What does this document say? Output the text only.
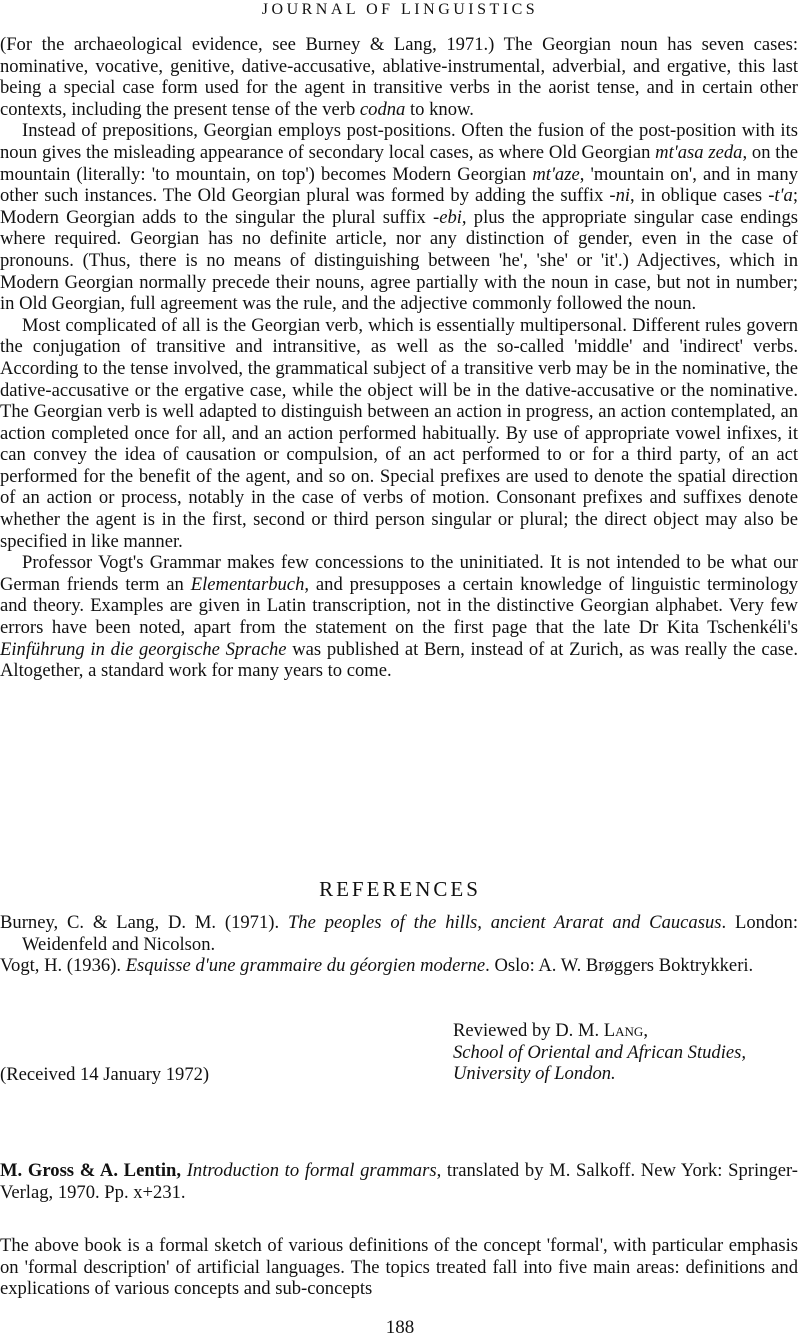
JOURNAL OF LINGUISTICS

(For the archaeological evidence, see Burney & Lang, 1971.) The Georgian noun has seven cases: nominative, vocative, genitive, dative-accusative, ablative-instrumental, adverbial, and ergative, this last being a special case form used for the agent in transitive verbs in the aorist tense, and in certain other contexts, including the present tense of the verb codna to know.

Instead of prepositions, Georgian employs post-positions. Often the fusion of the post-position with its noun gives the misleading appearance of secondary local cases, as where Old Georgian mt'asa zeda, on the mountain (literally: 'to mountain, on top') becomes Modern Georgian mt'aze, 'mountain on', and in many other such instances. The Old Georgian plural was formed by adding the suffix -ni, in oblique cases -t'a; Modern Georgian adds to the singular the plural suffix -ebi, plus the appropriate singular case endings where required. Georgian has no definite article, nor any distinction of gender, even in the case of pronouns. (Thus, there is no means of distinguishing between 'he', 'she' or 'it'.) Adjectives, which in Modern Georgian normally precede their nouns, agree partially with the noun in case, but not in number; in Old Georgian, full agreement was the rule, and the adjective commonly followed the noun.

Most complicated of all is the Georgian verb, which is essentially multipersonal. Different rules govern the conjugation of transitive and intransitive, as well as the so-called 'middle' and 'indirect' verbs. According to the tense involved, the grammatical subject of a transitive verb may be in the nominative, the dative-accusative or the ergative case, while the object will be in the dative-accusative or the nominative. The Georgian verb is well adapted to distinguish between an action in progress, an action contemplated, an action completed once for all, and an action performed habitually. By use of appropriate vowel infixes, it can convey the idea of causation or compulsion, of an act performed to or for a third party, of an act performed for the benefit of the agent, and so on. Special prefixes are used to denote the spatial direction of an action or process, notably in the case of verbs of motion. Consonant prefixes and suffixes denote whether the agent is in the first, second or third person singular or plural; the direct object may also be specified in like manner.

Professor Vogt's Grammar makes few concessions to the uninitiated. It is not intended to be what our German friends term an Elementarbuch, and presupposes a certain knowledge of linguistic terminology and theory. Examples are given in Latin transcription, not in the distinctive Georgian alphabet. Very few errors have been noted, apart from the statement on the first page that the late Dr Kita Tschenkéli's Einführung in die georgische Sprache was published at Bern, instead of at Zurich, as was really the case. Altogether, a standard work for many years to come.

REFERENCES

Burney, C. & Lang, D. M. (1971). The peoples of the hills, ancient Ararat and Caucasus. London: Weidenfeld and Nicolson.

Vogt, H. (1936). Esquisse d'une grammaire du géorgien moderne. Oslo: A. W. Brøggers Boktrykkeri.

Reviewed by D. M. Lang,
School of Oriental and African Studies,
University of London.
(Received 14 January 1972)

M. Gross & A. Lentin, Introduction to formal grammars, translated by M. Salkoff. New York: Springer-Verlag, 1970. Pp. x+231.

The above book is a formal sketch of various definitions of the concept 'formal', with particular emphasis on 'formal description' of artificial languages. The topics treated fall into five main areas: definitions and explications of various concepts and sub-concepts

188
